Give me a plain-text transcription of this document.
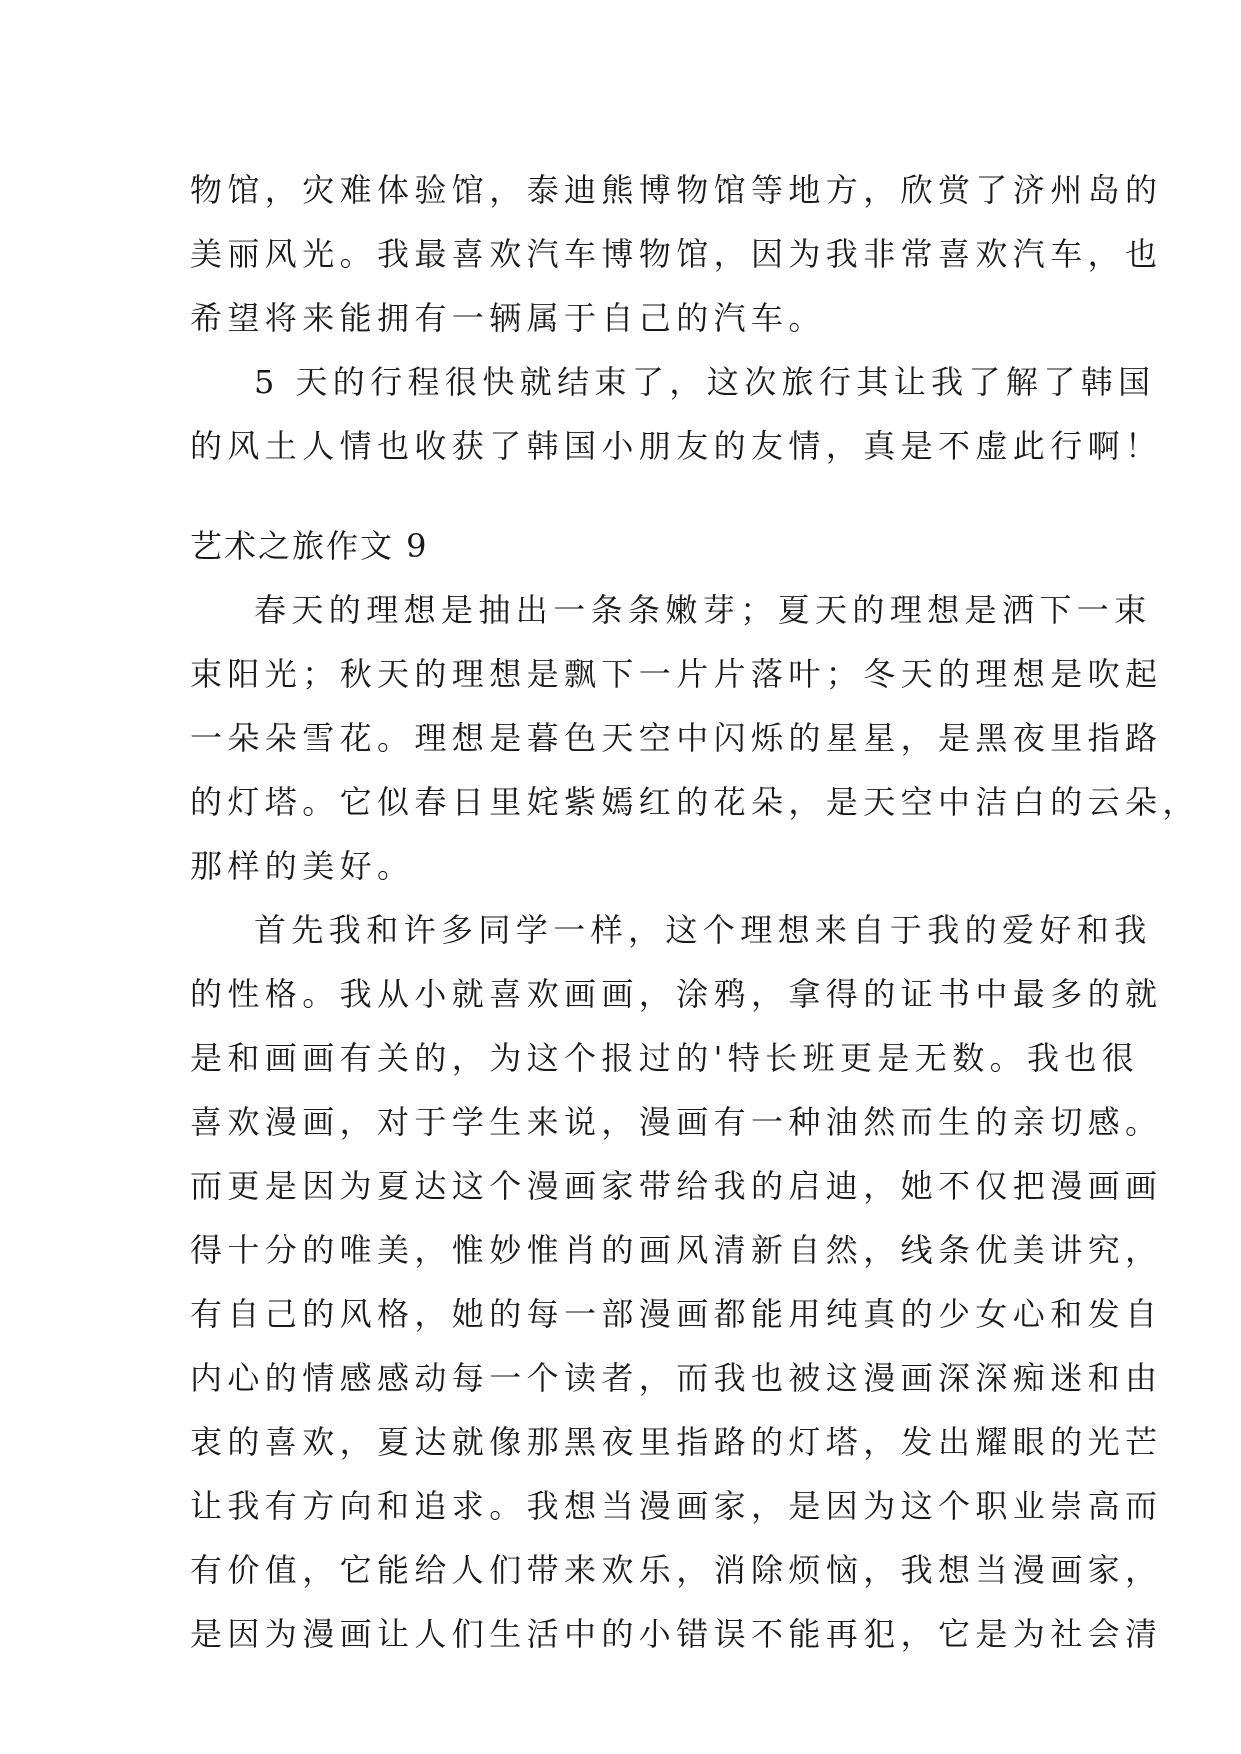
物馆，灾难体验馆，泰迪熊博物馆等地方，欣赏了济州岛的
美丽风光。我最喜欢汽车博物馆，因为我非常喜欢汽车，也
希望将来能拥有一辆属于自己的汽车。
5 天的行程很快就结束了，这次旅行其让我了解了韩国
的风土人情也收获了韩国小朋友的友情，真是不虚此行啊！
艺术之旅作文 9
春天的理想是抽出一条条嫩芽；夏天的理想是洒下一束
束阳光；秋天的理想是飘下一片片落叶；冬天的理想是吹起
一朵朵雪花。理想是暮色天空中闪烁的星星，是黑夜里指路
的灯塔。它似春日里姹紫嫣红的花朵，是天空中洁白的云朵，
那样的美好。
首先我和许多同学一样，这个理想来自于我的爱好和我
的性格。我从小就喜欢画画，涂鸦，拿得的证书中最多的就
是和画画有关的，为这个报过的'特长班更是无数。我也很
喜欢漫画，对于学生来说，漫画有一种油然而生的亲切感。
而更是因为夏达这个漫画家带给我的启迪，她不仅把漫画画
得十分的唯美，惟妙惟肖的画风清新自然，线条优美讲究，
有自己的风格，她的每一部漫画都能用纯真的少女心和发自
内心的情感感动每一个读者，而我也被这漫画深深痴迷和由
衷的喜欢，夏达就像那黑夜里指路的灯塔，发出耀眼的光芒
让我有方向和追求。我想当漫画家，是因为这个职业崇高而
有价值，它能给人们带来欢乐，消除烦恼，我想当漫画家，
是因为漫画让人们生活中的小错误不能再犯，它是为社会清
